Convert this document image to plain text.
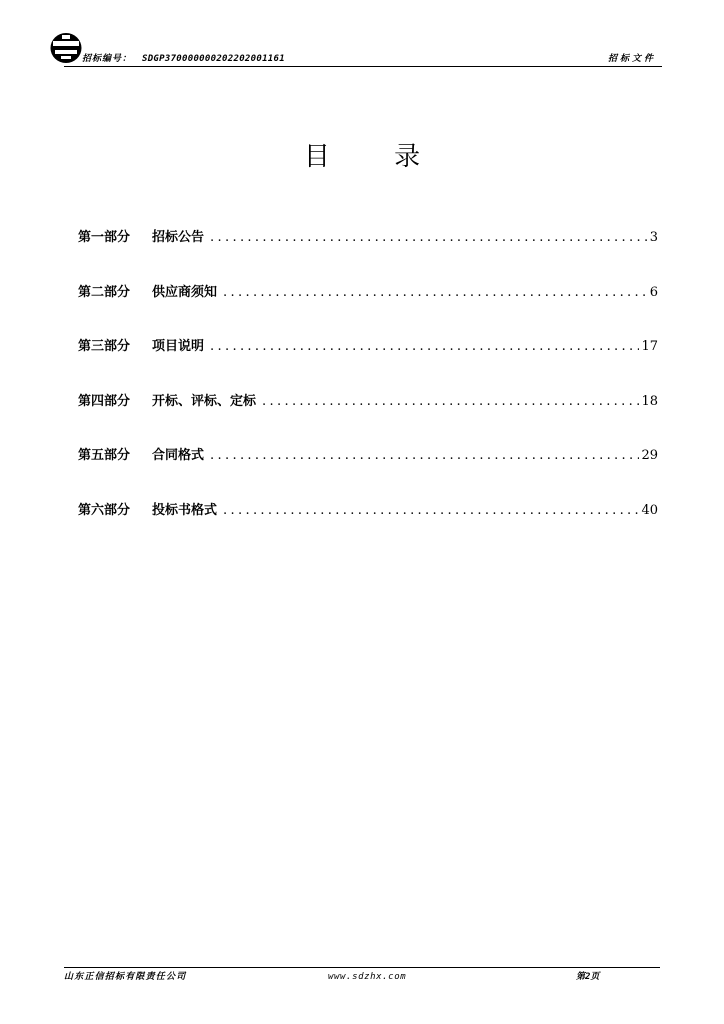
招标编号： SDGP370000000202202001161	招标文件
目 录
第一部分	招标公告 .....	3
第二部分	供应商须知 .....	6
第三部分	项目说明 .....	17
第四部分	开标、评标、定标 .....	18
第五部分	合同格式 .....	29
第六部分	投标书格式 .....	40
山东正信招标有限责任公司	www.sdzhx.com	第2页
